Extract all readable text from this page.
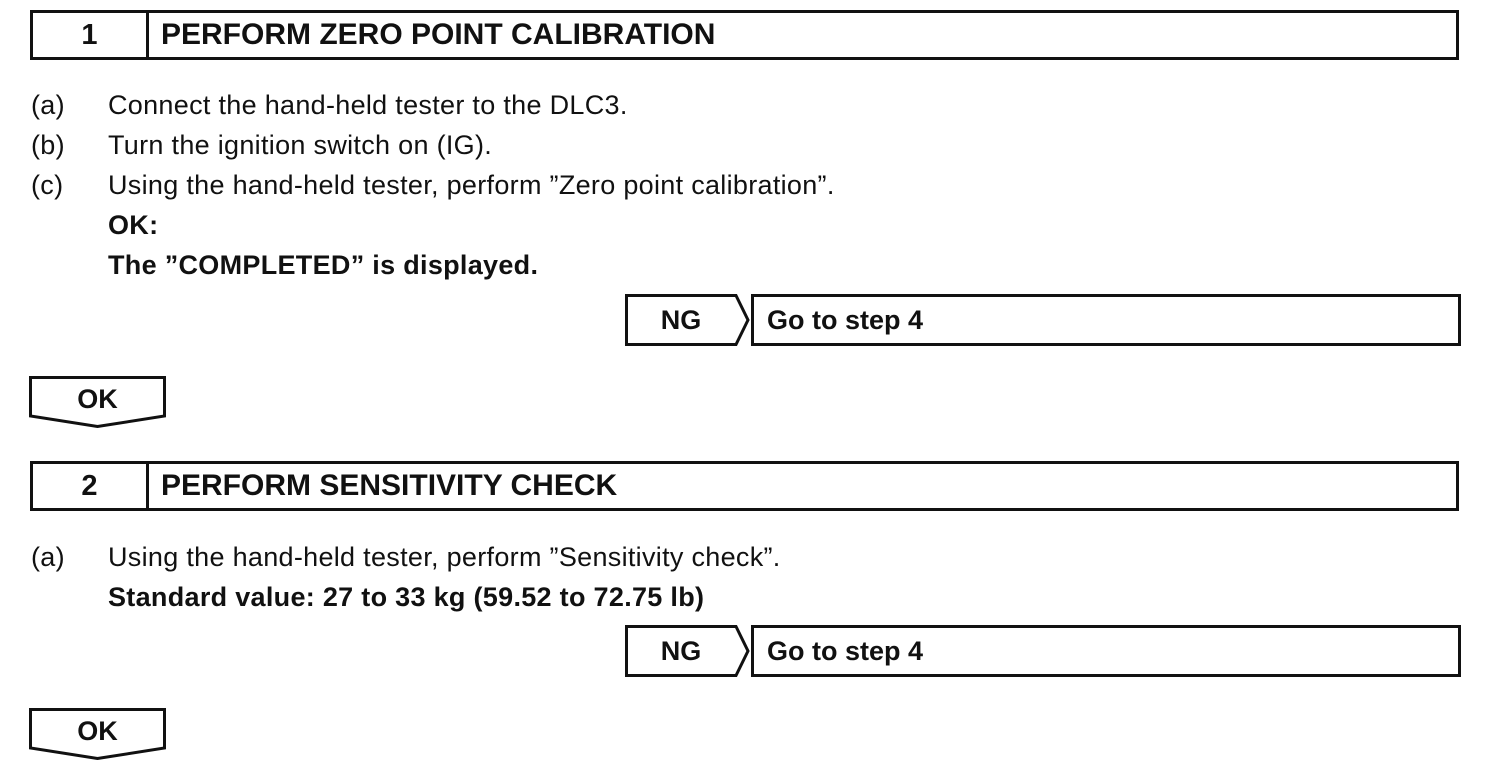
1	PERFORM ZERO POINT CALIBRATION
(a) Connect the hand-held tester to the DLC3.
(b) Turn the ignition switch on (IG).
(c) Using the hand-held tester, perform ”Zero point calibration”.
OK:
The ”COMPLETED” is displayed.
NG	Go to step 4
OK
2	PERFORM SENSITIVITY CHECK
(a) Using the hand-held tester, perform ”Sensitivity check”.
Standard value: 27 to 33 kg (59.52 to 72.75 lb)
NG	Go to step 4
OK
